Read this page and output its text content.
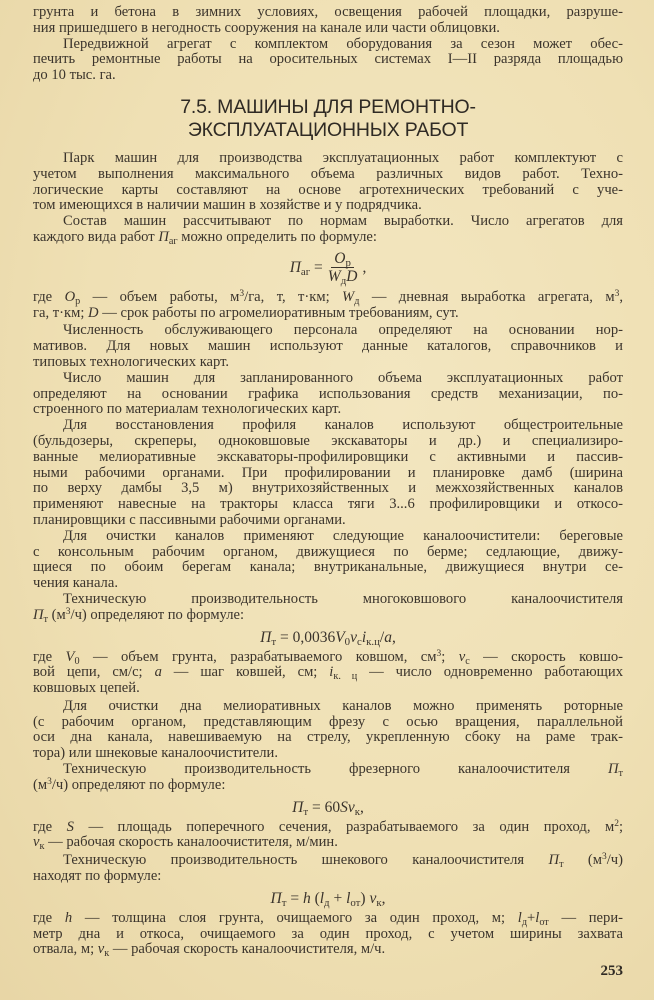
грунта и бетона в зимних условиях, освещения рабочей площадки, разруше-
ния пришедшего в негодность сооружения на канале или части облицовки.
Передвижной агрегат с комплектом оборудования за сезон может обес-
печить ремонтные работы на оросительных системах I—II разряда площадью
до 10 тыс. га.
7.5. МАШИНЫ ДЛЯ РЕМОНТНО-
ЭКСПЛУАТАЦИОННЫХ РАБОТ
Парк машин для производства эксплуатационных работ комплектуют с
учетом выполнения максимального объема различных видов работ. Техно-
логические карты составляют на основе агротехнических требований с уче-
том имеющихся в наличии машин в хозяйстве и у подрядчика.
Состав машин рассчитывают по нормам выработки. Число агрегатов для
каждого вида работ $П_{аг}$ можно определить по формуле:
$П_{аг} = \frac{O_р}{W_дD}$ ,
где $O_р$ — объем работы, $м^3/га$, т, т·км; $W_д$ — дневная выработка агрегата, $м^3$,
га, т·км; D — срок работы по агромелиоративным требованиям, сут.
Численность обслуживающего персонала определяют на основании нор-
мативов. Для новых машин используют данные каталогов, справочников и
типовых технологических карт.
Число машин для запланированного объема эксплуатационных работ
определяют на основании графика использования средств механизации, по-
строенного по материалам технологических карт.
Для восстановления профиля каналов используют общестроительные
(бульдозеры, скреперы, одноковшовые экскаваторы и др.) и специализиро-
ванные мелиоративные экскаваторы-профилировщики с активными и пассив-
ными рабочими органами. При профилировании и планировке дамб (ширина
по верху дамбы 3,5 м) внутрихозяйственных и межхозяйственных каналов
применяют навесные на тракторы класса тяги 3...6 профилировщики и откосо-
планировщики с пассивными рабочими органами.
Для очистки каналов применяют следующие каналоочистители: береговые
с консольным рабочим органом, движущиеся по берме; седлающие, движу-
щиеся по обоим берегам канала; внутриканальные, движущиеся внутри се-
чения канала.
Техническую производительность многоковшового каналоочистителя
$П_т$ $(м^3/ч)$ определяют по формуле:
$П_т = 0,0036V_0v_сi_{к.ц}/a$,
где $V_0$ — объем грунта, разрабатываемого ковшом, $см^3$; $v_с$ — скорость ковшо-
вой цепи, см/с; a — шаг ковшей, см; $i_{к. ц}$ — число одновременно работающих
ковшовых цепей.
Для очистки дна мелиоративных каналов можно применять роторные
(с рабочим органом, представляющим фрезу с осью вращения, параллельной
оси дна канала, навешиваемую на стрелу, укрепленную сбоку на раме трак-
тора) или шнековые каналоочистители.
Техническую производительность фрезерного каналоочистителя $П_т$
$(м^3/ч)$ определяют по формуле:
$П_т = 60Sv_к$,
где S — площадь поперечного сечения, разрабатываемого за один проход, $м^2$;
$v_к$ — рабочая скорость каналоочистителя, м/мин.
Техническую производительность шнекового каналоочистителя $П_т$ $(м^3/ч)$
находят по формуле:
$П_т = h$ $(l_д + l_{от})$ $v_к$,
где h — толщина слоя грунта, очищаемого за один проход, м; $l_д+l_{от}$ — пери-
метр дна и откоса, очищаемого за один проход, с учетом ширины захвата
отвала, м; $v_к$ — рабочая скорость каналоочистителя, м/ч.
253
